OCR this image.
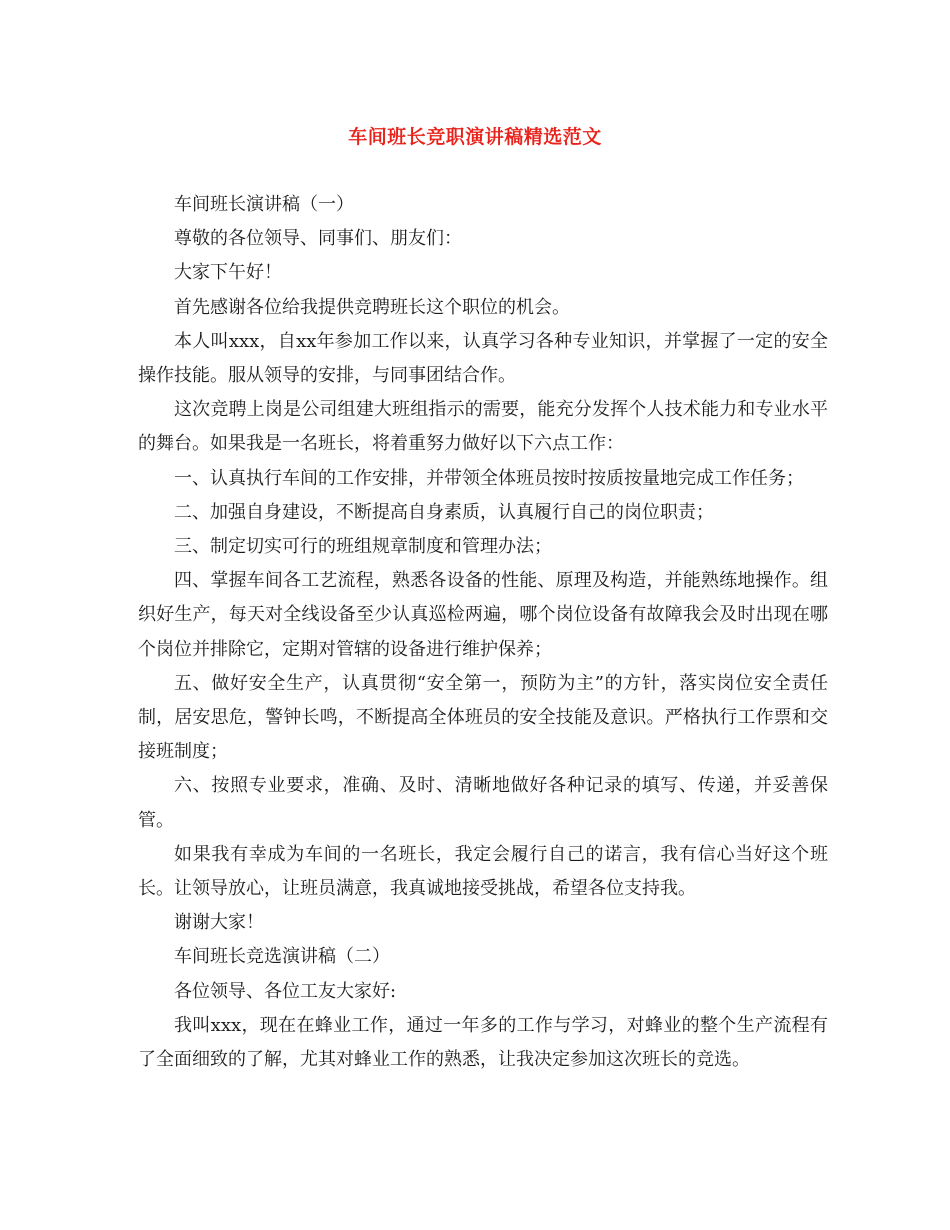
车间班长竞职演讲稿精选范文

车间班长演讲稿（一）

尊敬的各位领导、同事们、朋友们：

大家下午好！

首先感谢各位给我提供竞聘班长这个职位的机会。

本人叫xxx，自xx年参加工作以来，认真学习各种专业知识，并掌握了一定的安全操作技能。服从领导的安排，与同事团结合作。

这次竞聘上岗是公司组建大班组指示的需要，能充分发挥个人技术能力和专业水平的舞台。如果我是一名班长，将着重努力做好以下六点工作：

一、认真执行车间的工作安排，并带领全体班员按时按质按量地完成工作任务；

二、加强自身建设，不断提高自身素质，认真履行自己的岗位职责；

三、制定切实可行的班组规章制度和管理办法；

四、掌握车间各工艺流程，熟悉各设备的性能、原理及构造，并能熟练地操作。组织好生产，每天对全线设备至少认真巡检两遍，哪个岗位设备有故障我会及时出现在哪个岗位并排除它，定期对管辖的设备进行维护保养；

五、做好安全生产，认真贯彻“安全第一，预防为主”的方针，落实岗位安全责任制，居安思危，警钟长鸣，不断提高全体班员的安全技能及意识。严格执行工作票和交接班制度；

六、按照专业要求，准确、及时、清晰地做好各种记录的填写、传递，并妥善保管。

如果我有幸成为车间的一名班长，我定会履行自己的诺言，我有信心当好这个班长。让领导放心，让班员满意，我真诚地接受挑战，希望各位支持我。

谢谢大家！

车间班长竞选演讲稿（二）

各位领导、各位工友大家好:

我叫xxx，现在在蜂业工作，通过一年多的工作与学习，对蜂业的整个生产流程有了全面细致的了解，尤其对蜂业工作的熟悉，让我决定参加这次班长的竞选。
